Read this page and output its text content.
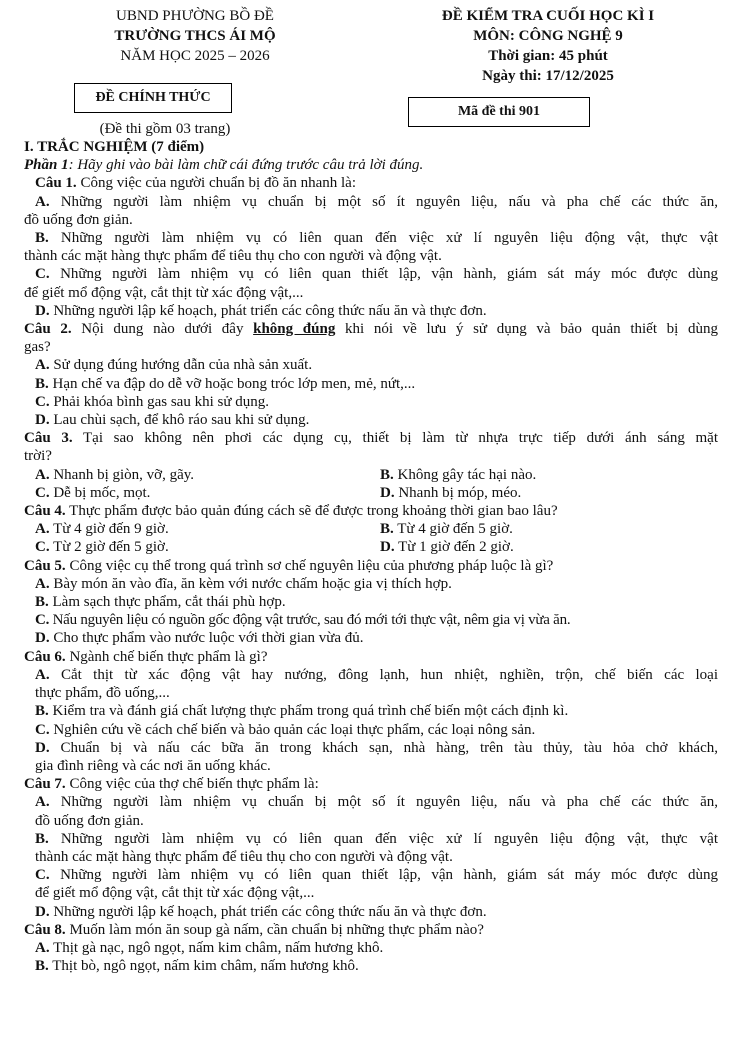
UBND PHƯỜNG BỒ ĐỀ
TRƯỜNG THCS ÁI MỘ
NĂM HỌC 2025 – 2026
ĐỀ CHÍNH THỨC
(Đề thi gồm 03 trang)
ĐỀ KIỂM TRA CUỐI HỌC KÌ I
MÔN: CÔNG NGHỆ 9
Thời gian: 45 phút
Ngày thi: 17/12/2025
Mã đề thi 901
I. TRẮC NGHIỆM (7 điểm)
Phần 1: Hãy ghi vào bài làm chữ cái đứng trước câu trả lời đúng.
Câu 1. Công việc của người chuẩn bị đồ ăn nhanh là:
A. Những người làm nhiệm vụ chuẩn bị một số ít nguyên liệu, nấu và pha chế các thức ăn,
đồ uống đơn giản.
B. Những người làm nhiệm vụ có liên quan đến việc xử lí nguyên liệu động vật, thực vật
thành các mặt hàng thực phẩm để tiêu thụ cho con người và động vật.
C. Những người làm nhiệm vụ có liên quan thiết lập, vận hành, giám sát máy móc được dùng
để giết mổ động vật, cắt thịt từ xác động vật,...
D. Những người lập kế hoạch, phát triển các công thức nấu ăn và thực đơn.
Câu 2. Nội dung nào dưới đây không đúng khi nói về lưu ý sử dụng và bảo quản thiết bị dùng
gas?
A. Sử dụng đúng hướng dẫn của nhà sản xuất.
B. Hạn chế va đập do dễ vỡ hoặc bong tróc lớp men, mẻ, nứt,...
C. Phải khóa bình gas sau khi sử dụng.
D. Lau chùi sạch, để khô ráo sau khi sử dụng.
Câu 3. Tại sao không nên phơi các dụng cụ, thiết bị làm từ nhựa trực tiếp dưới ánh sáng mặt
trời?
A. Nhanh bị giòn, vỡ, gãy.	B. Không gây tác hại nào.
C. Dễ bị mốc, mọt.	D. Nhanh bị móp, méo.
Câu 4. Thực phẩm được bảo quản đúng cách sẽ để được trong khoảng thời gian bao lâu?
A. Từ 4 giờ đến 9 giờ.	B. Từ 4 giờ đến 5 giờ.
C. Từ 2 giờ đến 5 giờ.	D. Từ 1 giờ đến 2 giờ.
Câu 5. Công việc cụ thể trong quá trình sơ chế nguyên liệu của phương pháp luộc là gì?
A. Bày món ăn vào đĩa, ăn kèm với nước chấm hoặc gia vị thích hợp.
B. Làm sạch thực phẩm, cắt thái phù hợp.
C. Nấu nguyên liệu có nguồn gốc động vật trước, sau đó mới tới thực vật, nêm gia vị vừa ăn.
D. Cho thực phẩm vào nước luộc với thời gian vừa đủ.
Câu 6. Ngành chế biến thực phẩm là gì?
A. Cắt thịt từ xác động vật hay nướng, đông lạnh, hun nhiệt, nghiền, trộn, chế biến các loại
thực phẩm, đồ uống,...
B. Kiểm tra và đánh giá chất lượng thực phẩm trong quá trình chế biến một cách định kì.
C. Nghiên cứu về cách chế biến và bảo quản các loại thực phẩm, các loại nông sản.
D. Chuẩn bị và nấu các bữa ăn trong khách sạn, nhà hàng, trên tàu thủy, tàu hỏa chở khách,
gia đình riêng và các nơi ăn uống khác.
Câu 7. Công việc của thợ chế biến thực phẩm là:
A. Những người làm nhiệm vụ chuẩn bị một số ít nguyên liệu, nấu và pha chế các thức ăn,
đồ uống đơn giản.
B. Những người làm nhiệm vụ có liên quan đến việc xử lí nguyên liệu động vật, thực vật
thành các mặt hàng thực phẩm để tiêu thụ cho con người và động vật.
C. Những người làm nhiệm vụ có liên quan thiết lập, vận hành, giám sát máy móc được dùng
để giết mổ động vật, cắt thịt từ xác động vật,...
D. Những người lập kế hoạch, phát triển các công thức nấu ăn và thực đơn.
Câu 8. Muốn làm món ăn soup gà nấm, cần chuẩn bị những thực phẩm nào?
A. Thịt gà nạc, ngô ngọt, nấm kim châm, nấm hương khô.
B. Thịt bò, ngô ngọt, nấm kim châm, nấm hương khô.
